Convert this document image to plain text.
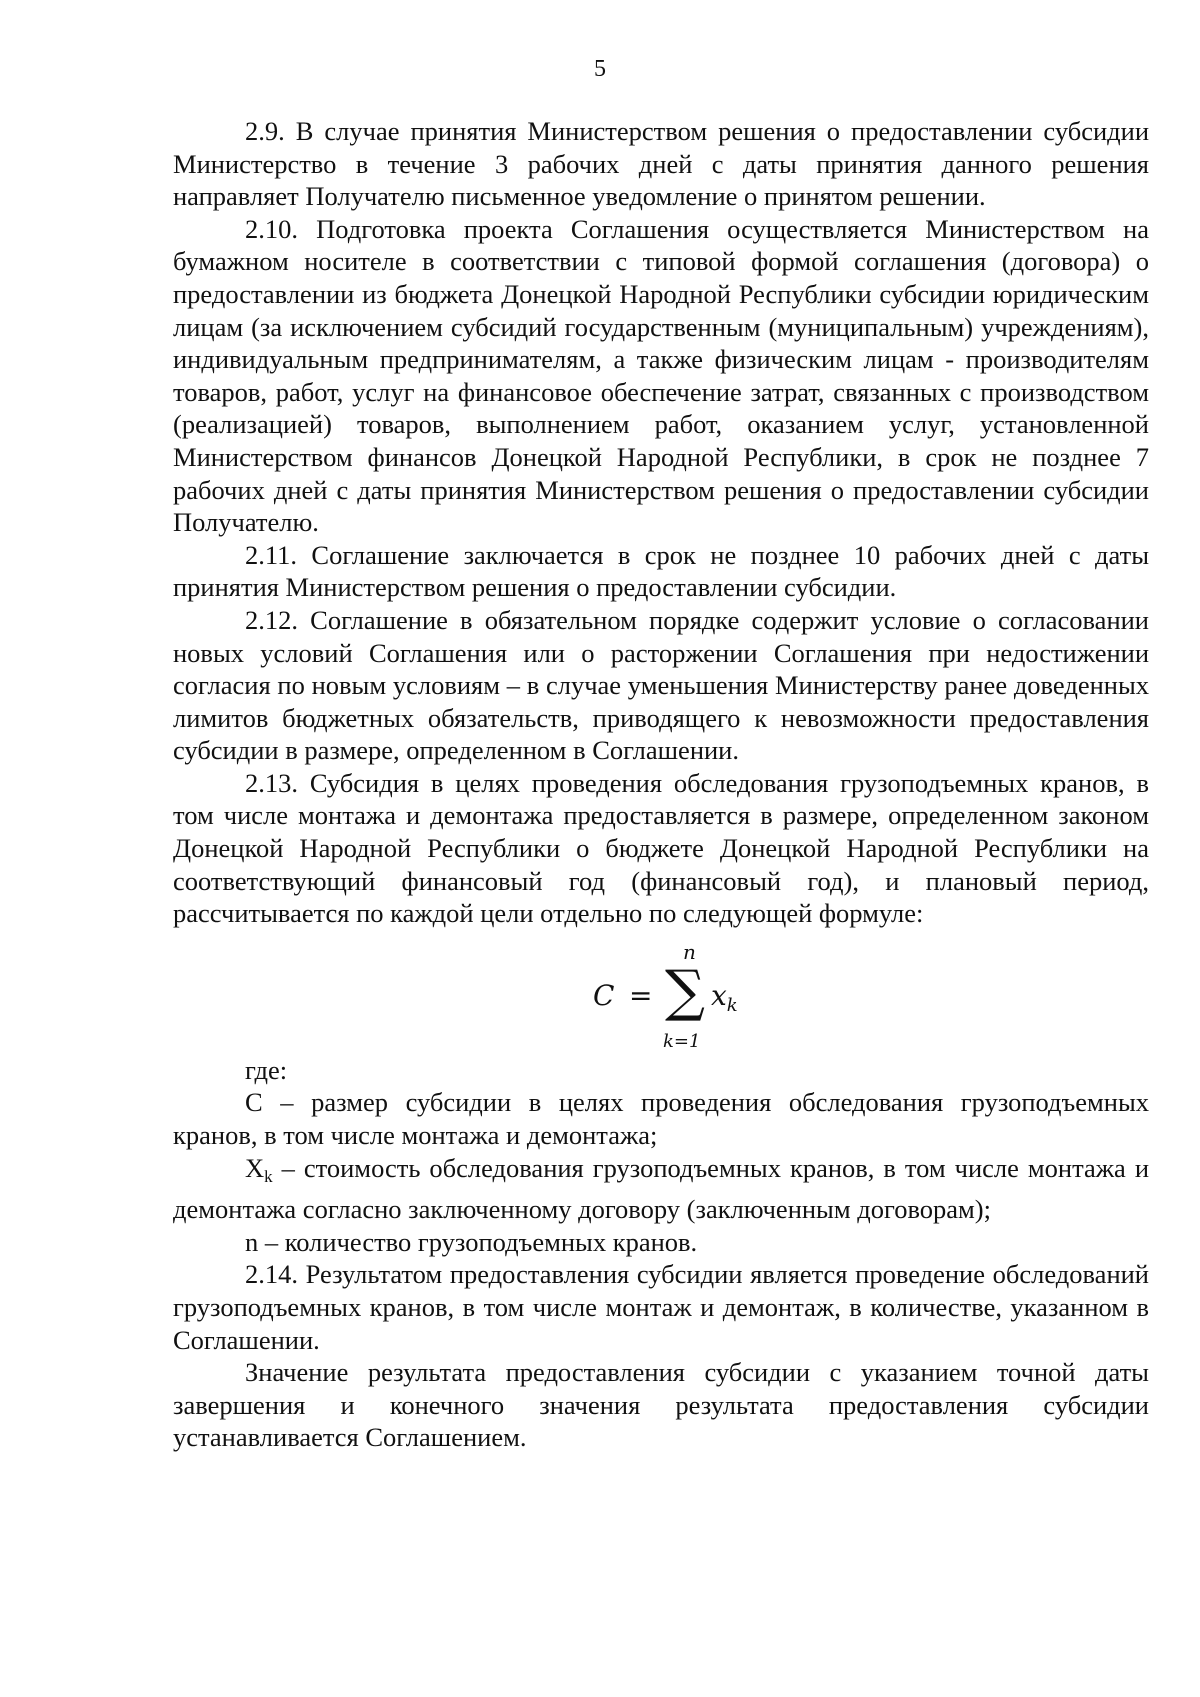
5

2.9. В случае принятия Министерством решения о предоставлении субсидии Министерство в течение 3 рабочих дней с даты принятия данного решения направляет Получателю письменное уведомление о принятом решении.

2.10. Подготовка проекта Соглашения осуществляется Министерством на бумажном носителе в соответствии с типовой формой соглашения (договора) о предоставлении из бюджета Донецкой Народной Республики субсидии юридическим лицам (за исключением субсидий государственным (муниципальным) учреждениям), индивидуальным предпринимателям, а также физическим лицам - производителям товаров, работ, услуг на финансовое обеспечение затрат, связанных с производством (реализацией) товаров, выполнением работ, оказанием услуг, установленной Министерством финансов Донецкой Народной Республики, в срок не позднее 7 рабочих дней с даты принятия Министерством решения о предоставлении субсидии Получателю.

2.11. Соглашение заключается в срок не позднее 10 рабочих дней с даты принятия Министерством решения о предоставлении субсидии.

2.12. Соглашение в обязательном порядке содержит условие о согласовании новых условий Соглашения или о расторжении Соглашения при недостижении согласия по новым условиям – в случае уменьшения Министерству ранее доведенных лимитов бюджетных обязательств, приводящего к невозможности предоставления субсидии в размере, определенном в Соглашении.

2.13. Субсидия в целях проведения обследования грузоподъемных кранов, в том числе монтажа и демонтажа предоставляется в размере, определенном законом Донецкой Народной Республики о бюджете Донецкой Народной Республики на соответствующий финансовый год (финансовый год), и плановый период, рассчитывается по каждой цели отдельно по следующей формуле:

C =
n
∑
k=1
$x_k$

где:

С – размер субсидии в целях проведения обследования грузоподъемных кранов, в том числе монтажа и демонтажа;

Xk – стоимость обследования грузоподъемных кранов, в том числе монтажа и демонтажа согласно заключенному договору (заключенным договорам);

n – количество грузоподъемных кранов.

2.14. Результатом предоставления субсидии является проведение обследований грузоподъемных кранов, в том числе монтаж и демонтаж, в количестве, указанном в Соглашении.

Значение результата предоставления субсидии с указанием точной даты завершения и конечного значения результата предоставления субсидии устанавливается Соглашением.
